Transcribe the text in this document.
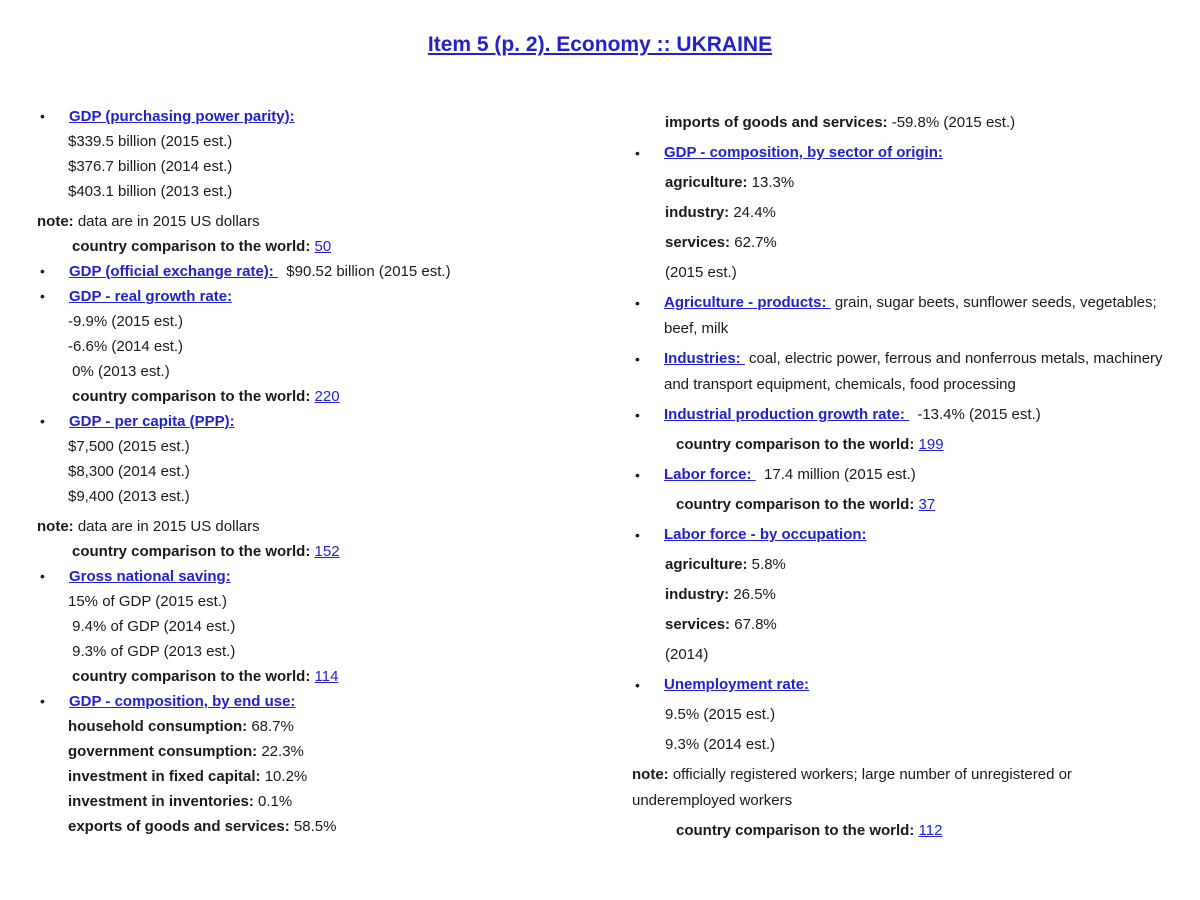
Item 5 (p. 2). Economy :: UKRAINE
• GDP (purchasing power parity):
$339.5 billion (2015 est.)
$376.7 billion (2014 est.)
$403.1 billion (2013 est.)
note: data are in 2015 US dollars
country comparison to the world: 50
• GDP (official exchange rate):   $90.52 billion (2015 est.)
• GDP - real growth rate:
-9.9% (2015 est.)
-6.6% (2014 est.)
0% (2013 est.)
country comparison to the world: 220
• GDP - per capita (PPP):
$7,500 (2015 est.)
$8,300 (2014 est.)
$9,400 (2013 est.)
note: data are in 2015 US dollars
country comparison to the world: 152
• Gross national saving:
15% of GDP (2015 est.)
9.4% of GDP (2014 est.)
9.3% of GDP (2013 est.)
country comparison to the world: 114
• GDP - composition, by end use:
household consumption: 68.7%
government consumption: 22.3%
investment in fixed capital: 10.2%
investment in inventories: 0.1%
exports of goods and services: 58.5%
imports of goods and services: -59.8% (2015 est.)
• GDP - composition, by sector of origin:
agriculture: 13.3%
industry: 24.4%
services: 62.7%
(2015 est.)
• Agriculture - products:  grain, sugar beets, sunflower seeds, vegetables; beef, milk
• Industries:  coal, electric power, ferrous and nonferrous metals, machinery and transport equipment, chemicals, food processing
• Industrial production growth rate:   -13.4% (2015 est.)
country comparison to the world: 199
• Labor force:   17.4 million (2015 est.)
country comparison to the world: 37
• Labor force - by occupation:
agriculture: 5.8%
industry: 26.5%
services: 67.8%
(2014)
• Unemployment rate:
9.5% (2015 est.)
9.3% (2014 est.)
note: officially registered workers; large number of unregistered or underemployed workers
country comparison to the world: 112
